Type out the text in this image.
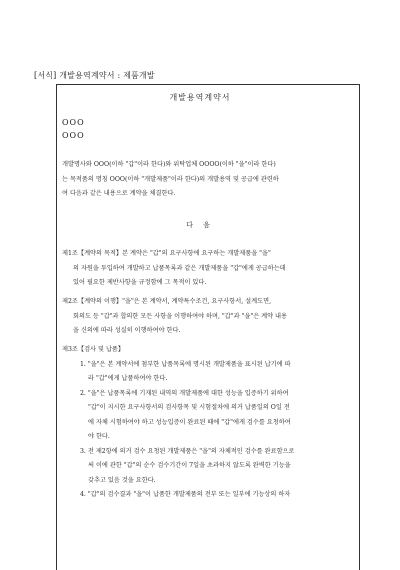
[서식] 개발용역계약서 : 제품개발
개발용역계약서
OOO
OOO
개발명사와 OOO(이하 "갑"이라 한다)와 위탁업체 OOOO(이하 "을"이라 한다)
는 목적품의 명칭 OOO(이하 "개발제품"이라 한다)의 개발용역 및 공급에 관련하
여 다음과 같은 내용으로 계약을 체결한다.
다 음
제1조【계약의 목적】본 계약은 "갑"의 요구사항에 요구하는 개발제품을 "을"
의 자원을 투입하여 개발하고 납품목록과 같은 개발제품을 "갑"에게 공급하는데
있어 필요한 제반사항을 규정함에 그 목적이 있다.
제2조【계약의 이행】"을"은 본 계약서, 계약특수조건, 요구사항서, 설계도면,
회의도 등 "갑"과 합의한 모든 사항을 이행하여야 하며, "갑"과 "을"은 계약 내용
을 신의에 따라 성실히 이행하여야 한다.
제3조【검사 및 납품】
1. "을"은 본 계약서에 첨부한 납품목록에 명시된 개발제품을 표시된 납기에 따
라 "갑"에게 납품하여야 한다.
2. "을"은 납품목록에 기재된 내역의 개발제품에 대한 성능을 입증하기 위하여
"갑"이 지시한 요구사항서의 검사항목 및 시험절차에 의거 납품일의 O일 전
에 자체 시험하여야 하고 성능입증이 완료된 때에 "갑"에게 검수를 요청하여
야 한다.
3. 전 제2항에 의거 검수 요청된 개발제품은 "을"의 자체적인 검수를 완료함으로
써 이에 관한 "갑"의 순수 검수기간이 7일을 초과하지 않도록 완벽한 기능을
갖추고 있음 것을 요한다.
4. "갑"의 검수결과 "을"이 납품한 개발제품의 전부 또는 일부에 기능상의 하자
